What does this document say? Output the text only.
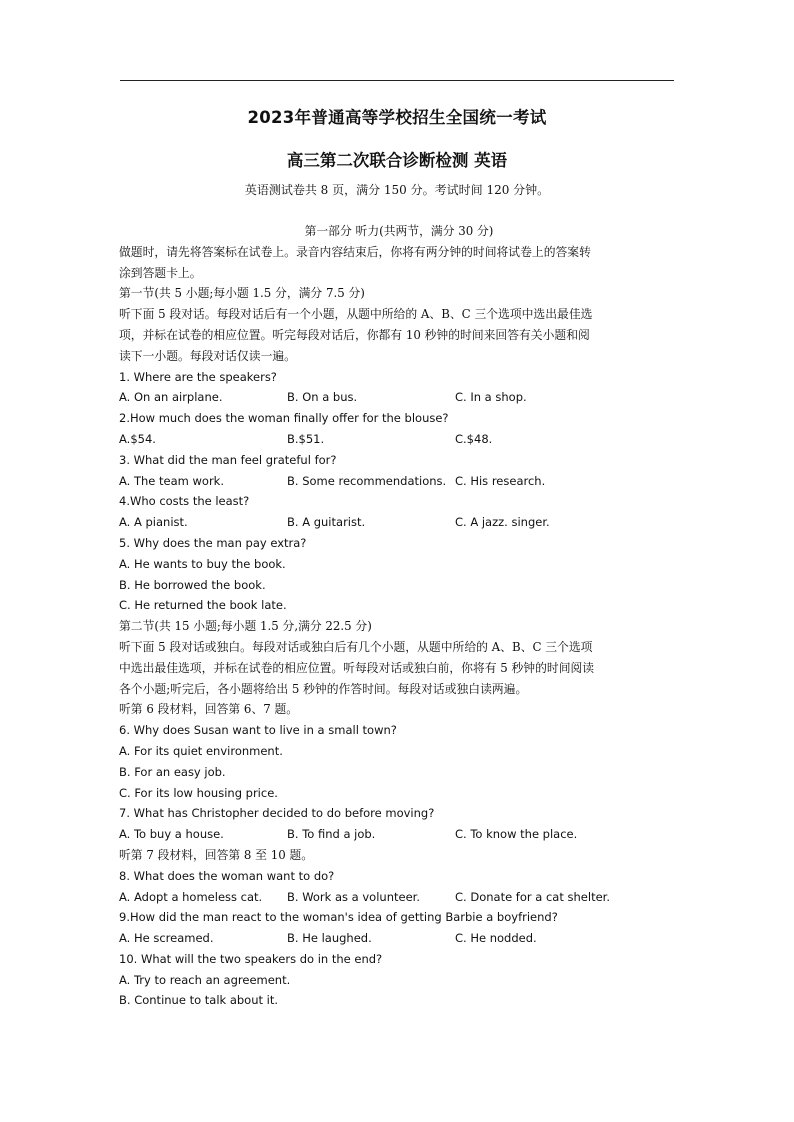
2023年普通高等学校招生全国统一考试
高三第二次联合诊断检测 英语
英语测试卷共 8 页，满分 150 分。考试时间 120 分钟。
第一部分 听力(共两节，满分 30 分)
做题时，请先将答案标在试卷上。录音内容结束后，你将有两分钟的时间将试卷上的答案转
涂到答题卡上。
第一节(共 5 小题;每小题 1.5 分，满分 7.5 分)
听下面 5 段对话。每段对话后有一个小题，从题中所给的 A、B、C 三个选项中选出最佳选
项，并标在试卷的相应位置。听完每段对话后，你都有 10 秒钟的时间来回答有关小题和阅
读下一小题。每段对话仅读一遍。
1. Where are the speakers?
A. On an airplane.	B. On a bus.	C. In a shop.
2.How much does the woman finally offer for the blouse?
A.$54.	B.$51.	C.$48.
3. What did the man feel grateful for?
A. The team work.	B. Some recommendations. C. His research.
4.Who costs the least?
A. A pianist.	B. A guitarist.	C. A jazz. singer.
5. Why does the man pay extra?
A. He wants to buy the book.
B. He borrowed the book.
C. He returned the book late.
第二节(共 15 小题;每小题 1.5 分,满分 22.5 分)
听下面 5 段对话或独白。每段对话或独白后有几个小题，从题中所给的 A、B、C 三个选项
中选出最佳选项，并标在试卷的相应位置。听每段对话或独白前，你将有 5 秒钟的时间阅读
各个小题;听完后，各小题将给出 5 秒钟的作答时间。每段对话或独白读两遍。
听第 6 段材料，回答第 6、7 题。
6. Why does Susan want to live in a small town?
A. For its quiet environment.
B. For an easy job.
C. For its low housing price.
7. What has Christopher decided to do before moving?
A. To buy a house.	B. To find a job.	C. To know the place.
听第 7 段材料，回答第 8 至 10 题。
8. What does the woman want to do?
A. Adopt a homeless cat. B. Work as a volunteer.	C. Donate for a cat shelter.
9.How did the man react to the woman's idea of getting Barbie a boyfriend?
A. He screamed.	B. He laughed.	C. He nodded.
10. What will the two speakers do in the end?
A. Try to reach an agreement.
B. Continue to talk about it.
